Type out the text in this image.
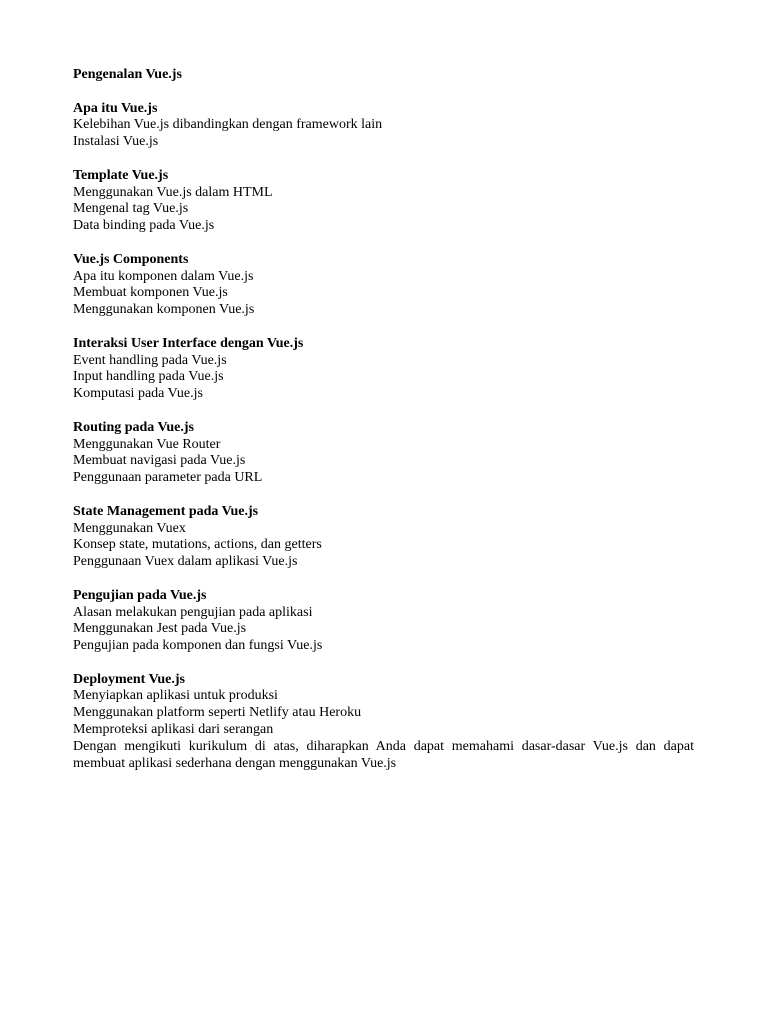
Pengenalan Vue.js

Apa itu Vue.js

Kelebihan Vue.js dibandingkan dengan framework lain

Instalasi Vue.js

Template Vue.js

Menggunakan Vue.js dalam HTML

Mengenal tag Vue.js

Data binding pada Vue.js

Vue.js Components

Apa itu komponen dalam Vue.js

Membuat komponen Vue.js

Menggunakan komponen Vue.js

Interaksi User Interface dengan Vue.js

Event handling pada Vue.js

Input handling pada Vue.js

Komputasi pada Vue.js

Routing pada Vue.js

Menggunakan Vue Router

Membuat navigasi pada Vue.js

Penggunaan parameter pada URL

State Management pada Vue.js

Menggunakan Vuex

Konsep state, mutations, actions, dan getters

Penggunaan Vuex dalam aplikasi Vue.js

Pengujian pada Vue.js

Alasan melakukan pengujian pada aplikasi

Menggunakan Jest pada Vue.js

Pengujian pada komponen dan fungsi Vue.js

Deployment Vue.js

Menyiapkan aplikasi untuk produksi

Menggunakan platform seperti Netlify atau Heroku

Memproteksi aplikasi dari serangan

Dengan mengikuti kurikulum di atas, diharapkan Anda dapat memahami dasar-dasar Vue.js dan dapat membuat aplikasi sederhana dengan menggunakan Vue.js
